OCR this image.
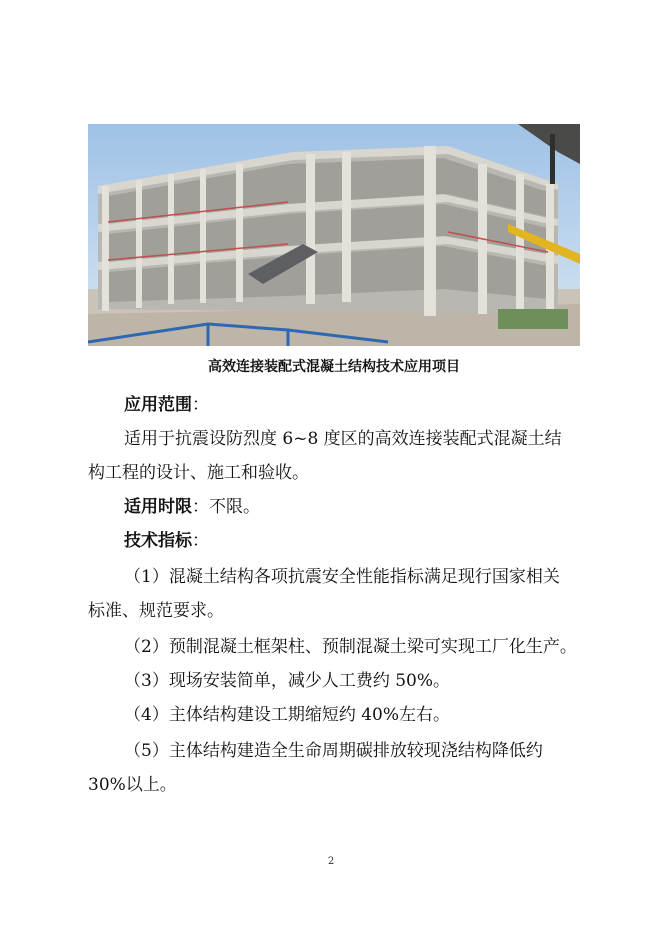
高效连接装配式混凝土结构技术应用项目
应用范围：
适用于抗震设防烈度 6~8 度区的高效连接装配式混凝土结
构工程的设计、施工和验收。
适用时限：不限。
技术指标：
（1）混凝土结构各项抗震安全性能指标满足现行国家相关
标准、规范要求。
（2）预制混凝土框架柱、预制混凝土梁可实现工厂化生产。
（3）现场安装简单，减少人工费约 50%。
（4）主体结构建设工期缩短约 40%左右。
（5）主体结构建造全生命周期碳排放较现浇结构降低约
30%以上。
2
